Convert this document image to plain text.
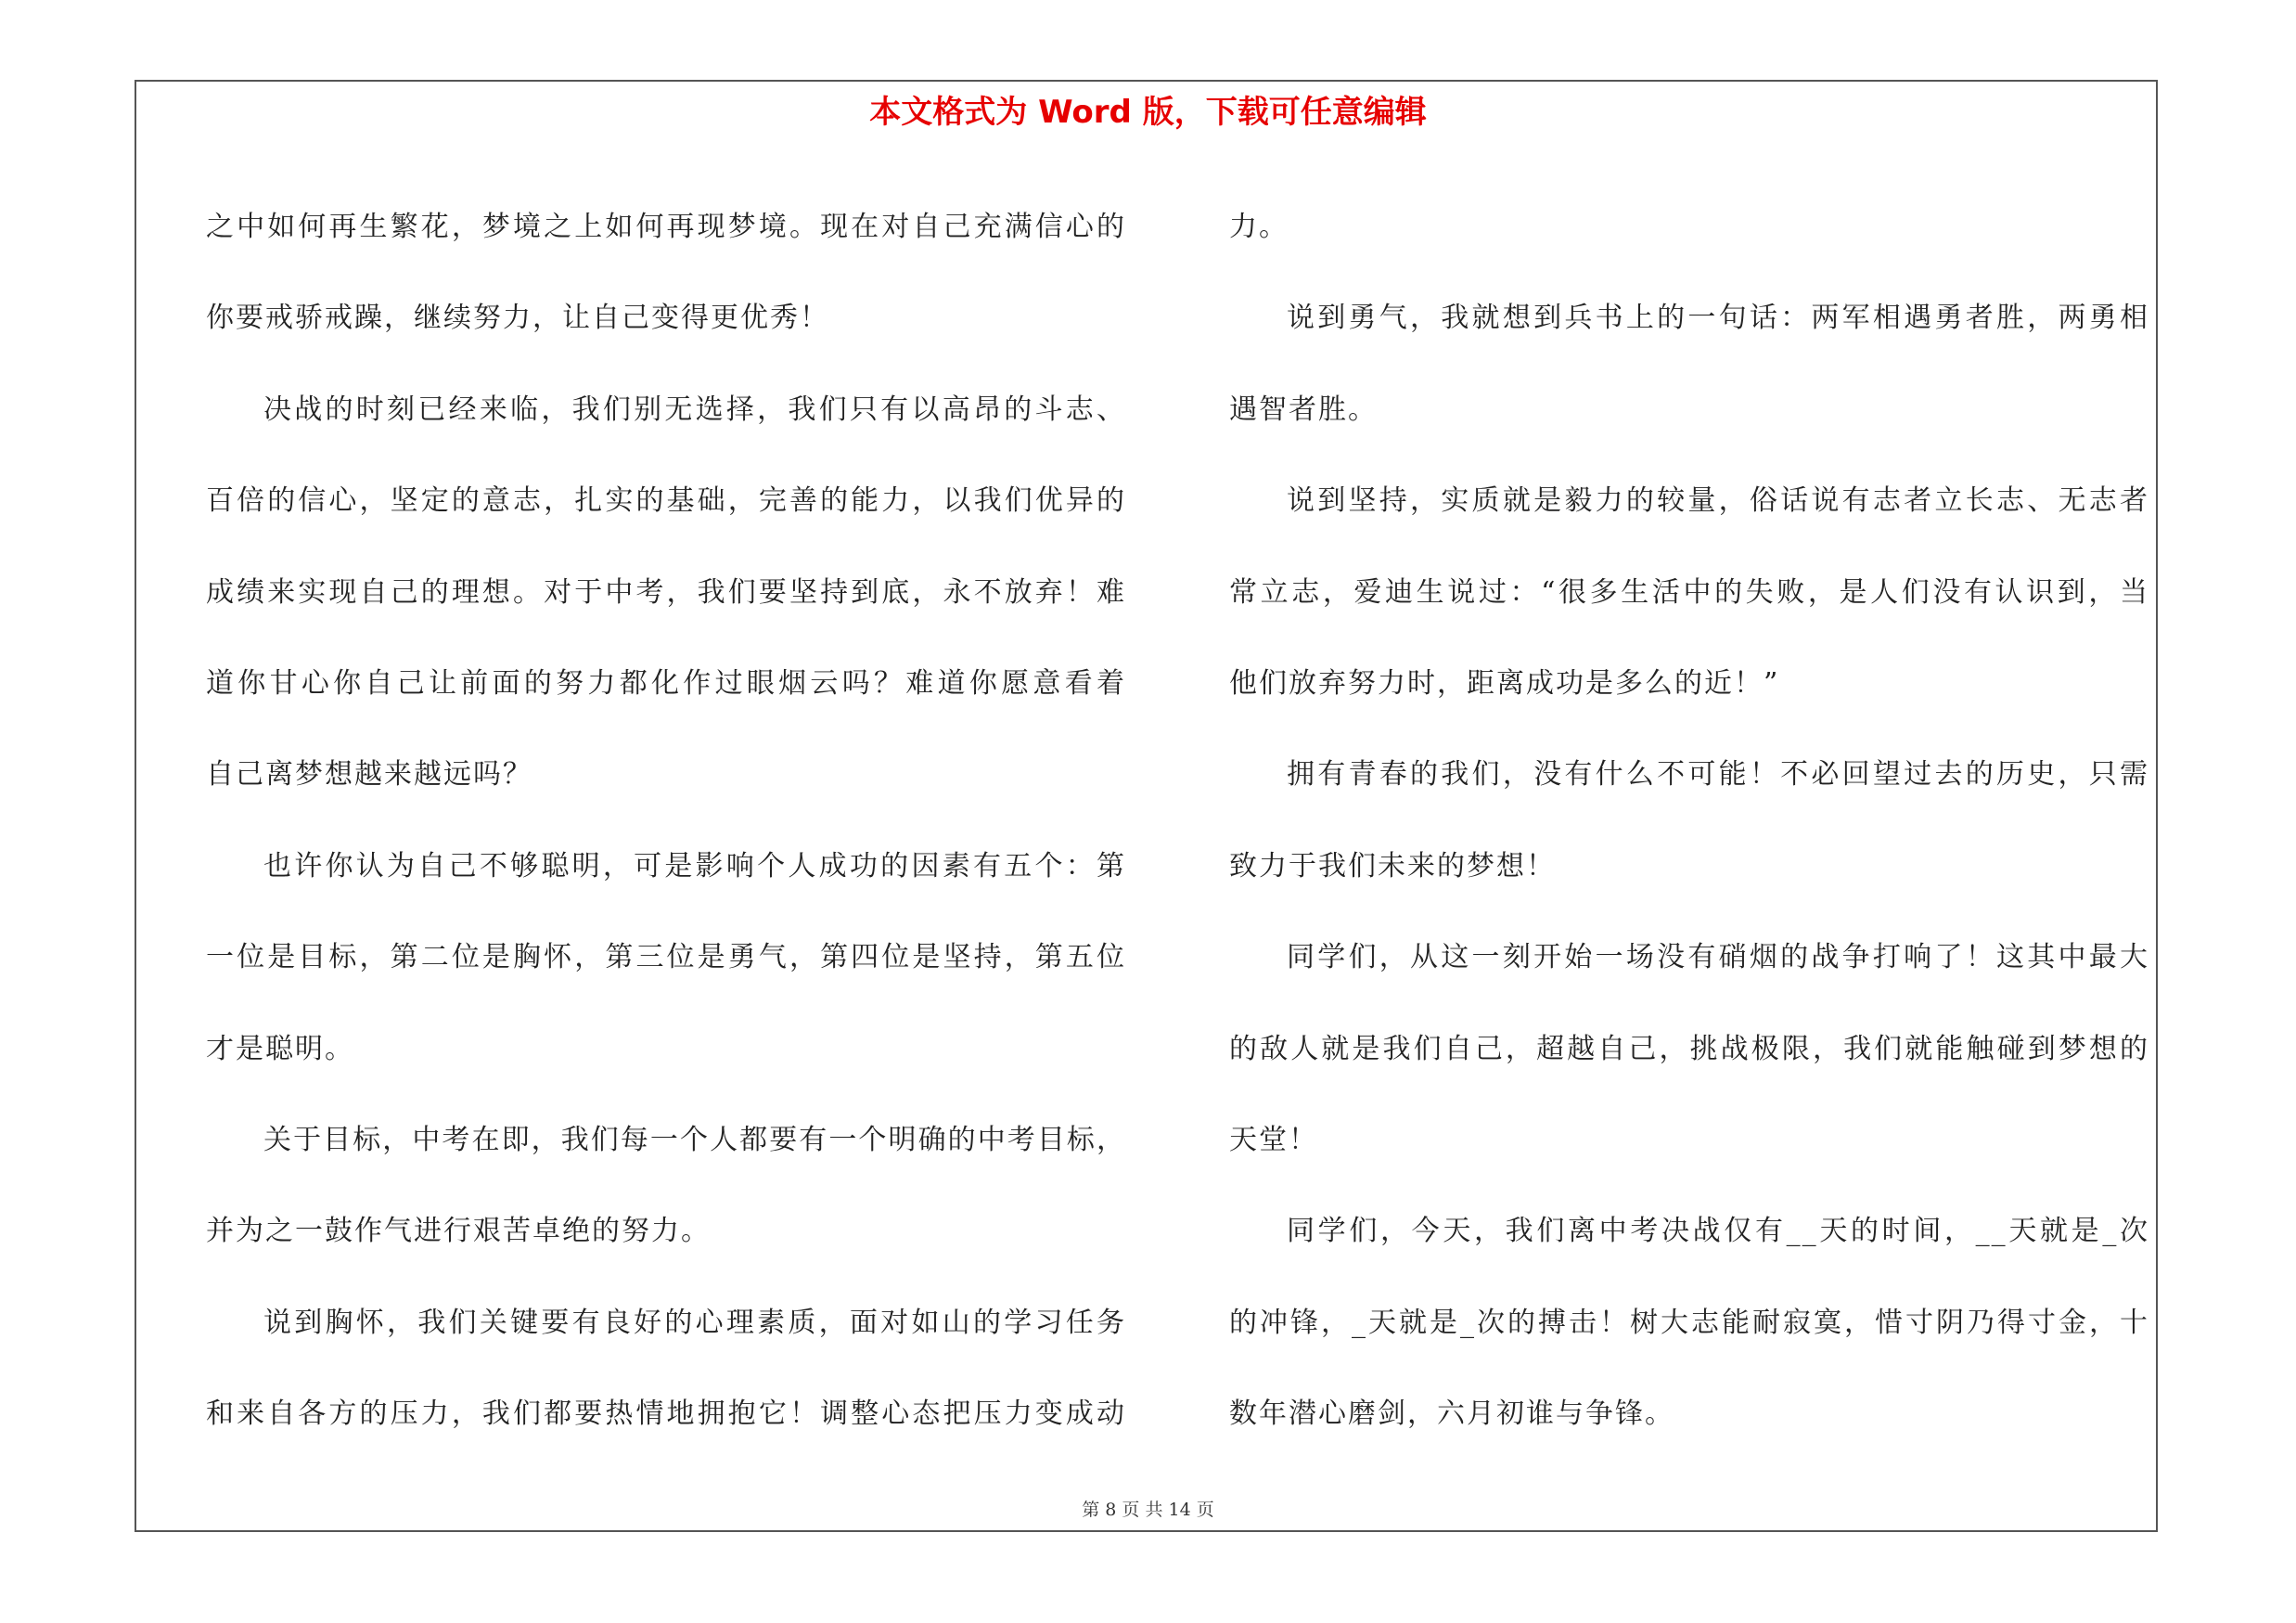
本文格式为 Word 版，下载可任意编辑
之中如何再生繁花，梦境之上如何再现梦境。现在对自己充满信心的
你要戒骄戒躁，继续努力，让自己变得更优秀！
决战的时刻已经来临，我们别无选择，我们只有以高昂的斗志、
百倍的信心，坚定的意志，扎实的基础，完善的能力，以我们优异的
成绩来实现自己的理想。对于中考，我们要坚持到底，永不放弃！难
道你甘心你自己让前面的努力都化作过眼烟云吗？难道你愿意看着
自己离梦想越来越远吗？
也许你认为自己不够聪明，可是影响个人成功的因素有五个：第
一位是目标，第二位是胸怀，第三位是勇气，第四位是坚持，第五位
才是聪明。
关于目标，中考在即，我们每一个人都要有一个明确的中考目标，
并为之一鼓作气进行艰苦卓绝的努力。
说到胸怀，我们关键要有良好的心理素质，面对如山的学习任务
和来自各方的压力，我们都要热情地拥抱它！调整心态把压力变成动
力。
说到勇气，我就想到兵书上的一句话：两军相遇勇者胜，两勇相
遇智者胜。
说到坚持，实质就是毅力的较量，俗话说有志者立长志、无志者
常立志，爱迪生说过：“很多生活中的失败，是人们没有认识到，当
他们放弃努力时，距离成功是多么的近！”
拥有青春的我们，没有什么不可能！不必回望过去的历史，只需
致力于我们未来的梦想！
同学们，从这一刻开始一场没有硝烟的战争打响了！这其中最大
的敌人就是我们自己，超越自己，挑战极限，我们就能触碰到梦想的
天堂！
同学们，今天，我们离中考决战仅有__天的时间，__天就是_次
的冲锋，_天就是_次的搏击！树大志能耐寂寞，惜寸阴乃得寸金，十
数年潜心磨剑，六月初谁与争锋。
第 8 页 共 14 页
